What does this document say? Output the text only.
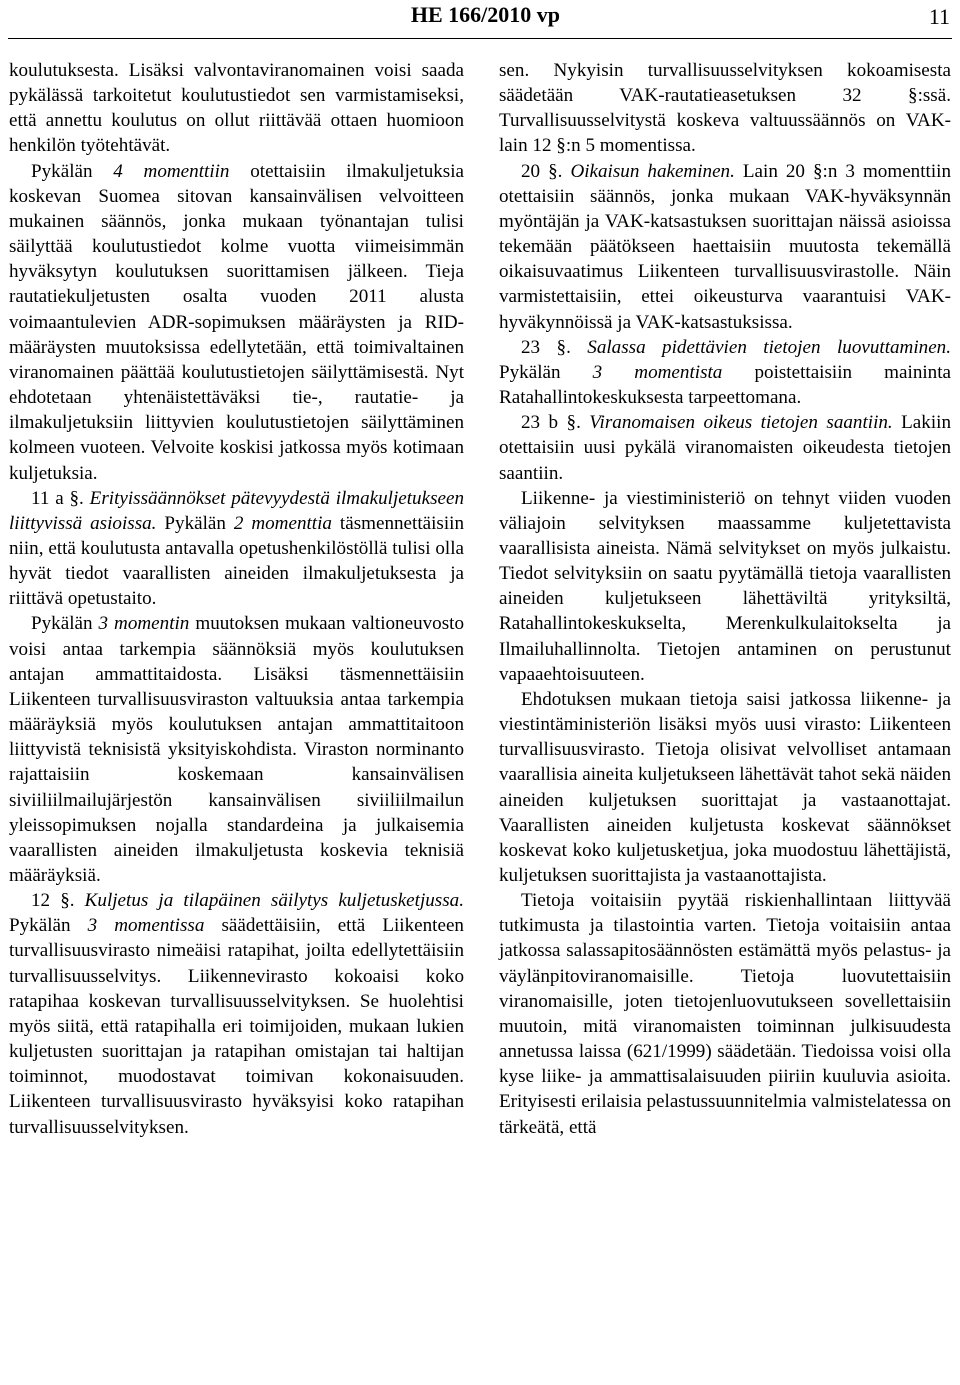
HE 166/2010 vp	11

koulutuksesta. Lisäksi valvontaviranomainen voisi saada pykälässä tarkoitetut koulutustiedot sen varmistamiseksi, että annettu koulutus on ollut riittävää ottaen huomioon henkilön työtehtävät.

Pykälän 4 momenttiin otettaisiin ilmakuljetuksia koskevan Suomea sitovan kansainvälisen velvoitteen mukainen säännös, jonka mukaan työnantajan tulisi säilyttää koulutustiedot kolme vuotta viimeisimmän hyväksytyn koulutuksen suorittamisen jälkeen. Tieja rautatiekuljetusten osalta vuoden 2011 alusta voimaantulevien ADR-sopimuksen määräysten ja RID-määräysten muutoksissa edellytetään, että toimivaltainen viranomainen päättää koulutustietojen säilyttämisestä. Nyt ehdotetaan yhtenäistettäväksi tie-, rautatie- ja ilmakuljetuksiin liittyvien koulutustietojen säilyttäminen kolmeen vuoteen. Velvoite koskisi jatkossa myös kotimaan kuljetuksia.

11 a §. Erityissäännökset pätevyydestä ilmakuljetukseen liittyvissä asioissa. Pykälän 2 momenttia täsmennettäisiin niin, että koulutusta antavalla opetushenkilöstöllä tulisi olla hyvät tiedot vaarallisten aineiden ilmakuljetuksesta ja riittävä opetustaito.

Pykälän 3 momentin muutoksen mukaan valtioneuvosto voisi antaa tarkempia säännöksiä myös koulutuksen antajan ammattitaidosta. Lisäksi täsmennettäisiin Liikenteen turvallisuusviraston valtuuksia antaa tarkempia määräyksiä myös koulutuksen antajan ammattitaitoon liittyvistä teknisistä yksityiskohdista. Viraston norminanto rajattaisiin koskemaan kansainvälisen siviiliilmailujärjestön kansainvälisen siviiliilmailun yleissopimuksen nojalla standardeina ja julkaisemia vaarallisten aineiden ilmakuljetusta koskevia teknisiä määräyksiä.

12 §. Kuljetus ja tilapäinen säilytys kuljetusketjussa. Pykälän 3 momentissa säädettäisiin, että Liikenteen turvallisuusvirasto nimeäisi ratapihat, joilta edellytettäisiin turvallisuusselvitys. Liikennevirasto kokoaisi koko ratapihaa koskevan turvallisuusselvityksen. Se huolehtisi myös siitä, että ratapihalla eri toimijoiden, mukaan lukien kuljetusten suorittajan ja ratapihan omistajan tai haltijan toiminnot, muodostavat toimivan kokonaisuuden. Liikenteen turvallisuusvirasto hyväksyisi koko ratapihan turvallisuusselvityksen.

sen. Nykyisin turvallisuusselvityksen kokoamisesta säädetään VAK-rautatieasetuksen 32 §:ssä. Turvallisuusselvitystä koskeva valtuussäännös on VAK-lain 12 §:n 5 momentissa.

20 §. Oikaisun hakeminen. Lain 20 §:n 3 momenttiin otettaisiin säännös, jonka mukaan VAK-hyväksynnän myöntäjän ja VAK-katsastuksen suorittajan näissä asioissa tekemään päätökseen haettaisiin muutosta tekemällä oikaisuvaatimus Liikenteen turvallisuusvirastolle. Näin varmistettaisiin, ettei oikeusturva vaarantuisi VAK-hyväkynnöissä ja VAK-katsastuksissa.

23 §. Salassa pidettävien tietojen luovuttaminen. Pykälän 3 momentista poistettaisiin maininta Ratahallintokeskuksesta tarpeettomana.

23 b §. Viranomaisen oikeus tietojen saantiin. Lakiin otettaisiin uusi pykälä viranomaisten oikeudesta tietojen saantiin.

Liikenne- ja viestiministeriö on tehnyt viiden vuoden väliajoin selvityksen maassamme kuljetettavista vaarallisista aineista. Nämä selvitykset on myös julkaistu. Tiedot selvityksiin on saatu pyytämällä tietoja vaarallisten aineiden kuljetukseen lähettäviltä yrityksiltä, Ratahallintokeskukselta, Merenkulkulaitokselta ja Ilmailuhallinnolta. Tietojen antaminen on perustunut vapaaehtoisuuteen.

Ehdotuksen mukaan tietoja saisi jatkossa liikenne- ja viestintäministeriön lisäksi myös uusi virasto: Liikenteen turvallisuusvirasto. Tietoja olisivat velvolliset antamaan vaarallisia aineita kuljetukseen lähettävät tahot sekä näiden aineiden kuljetuksen suorittajat ja vastaanottajat. Vaarallisten aineiden kuljetusta koskevat säännökset koskevat koko kuljetusketjua, joka muodostuu lähettäjistä, kuljetuksen suorittajista ja vastaanottajista.

Tietoja voitaisiin pyytää riskienhallintaan liittyvää tutkimusta ja tilastointia varten. Tietoja voitaisiin antaa jatkossa salassapitosäännösten estämättä myös pelastus- ja väylänpitoviranomaisille. Tietoja luovutettaisiin viranomaisille, joten tietojenluovutukseen sovellettaisiin muutoin, mitä viranomaisten toiminnan julkisuudesta annetussa laissa (621/1999) säädetään. Tiedoissa voisi olla kyse liike- ja ammattisalaisuuden piiriin kuuluvia asioita. Erityisesti erilaisia pelastussuunnitelmia valmistelatessa on tärkeätä, että
